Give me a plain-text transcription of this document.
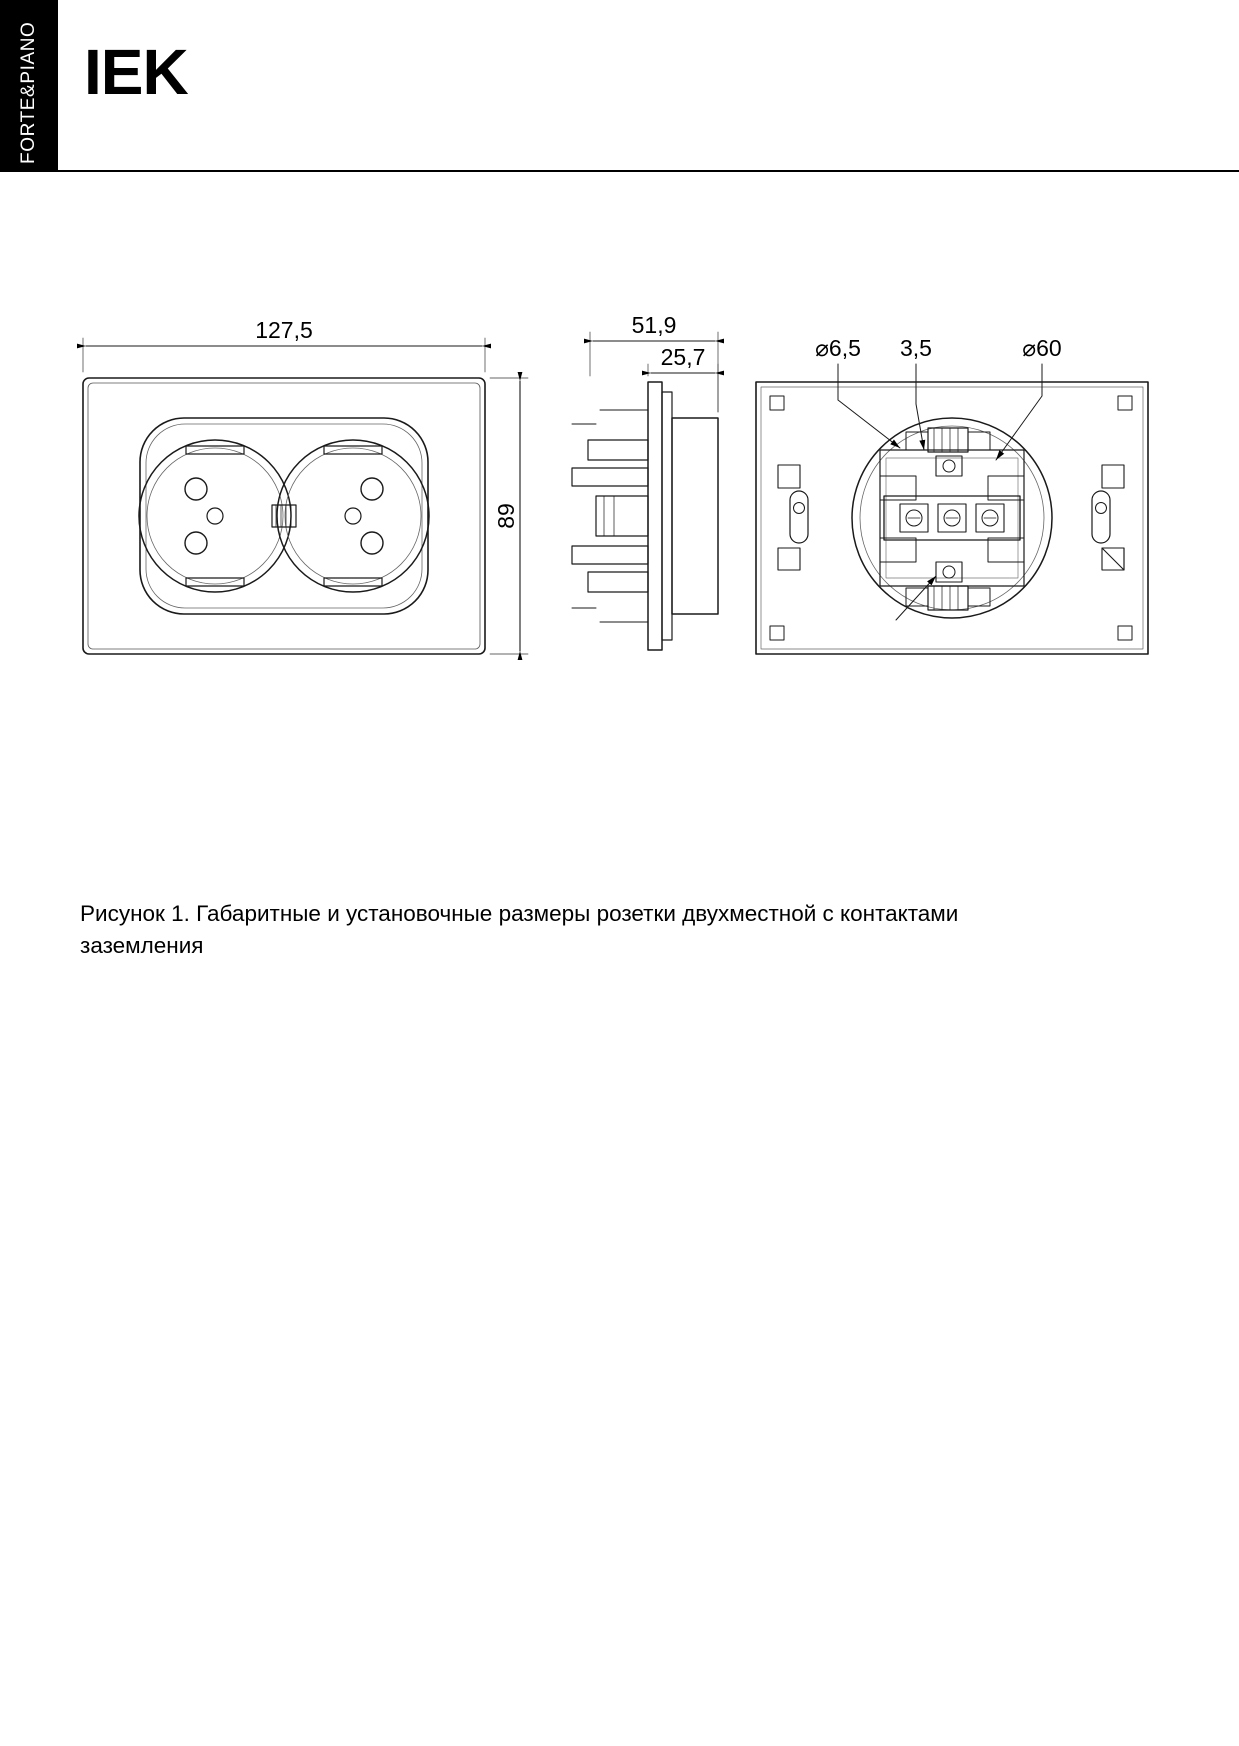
FORTE&PIANO IEK
127,5
89
51,9
25,7	⌀6,5 3,5	⌀60
Рисунок 1. Габаритные и установочные размеры розетки двухместной с контактами заземления
